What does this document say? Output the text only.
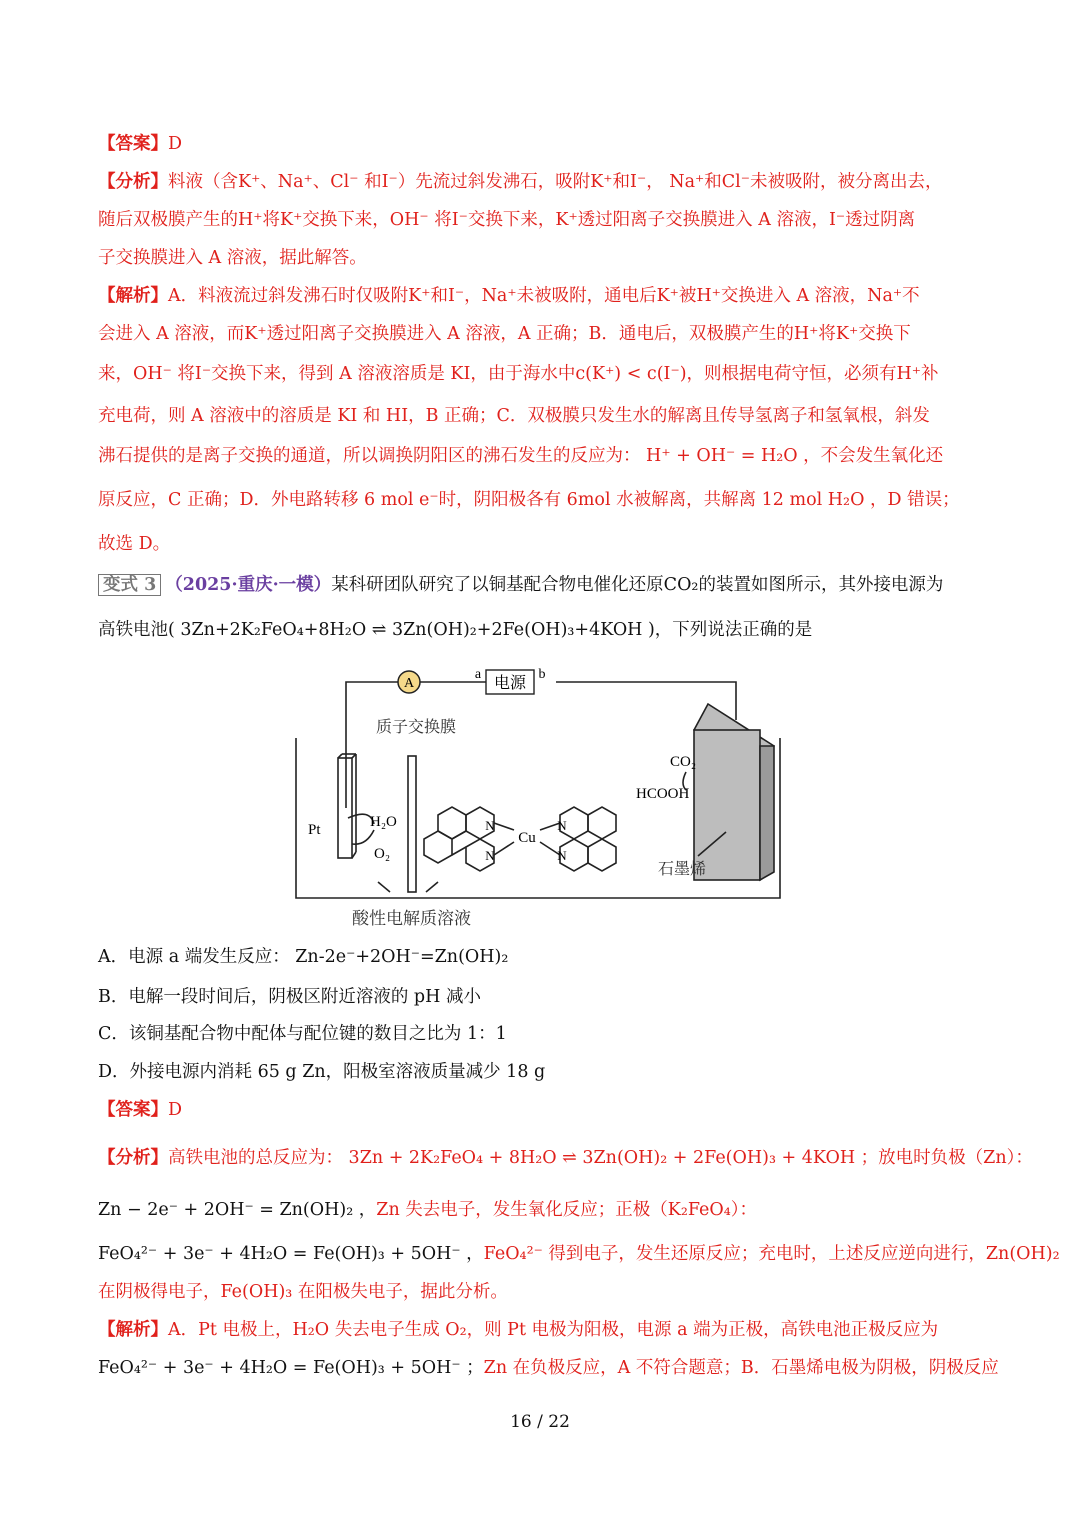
【答案】D
【分析】料液（含K⁺、Na⁺、Cl⁻ 和I⁻）先流过斜发沸石，吸附K⁺和I⁻， Na⁺和Cl⁻未被吸附，被分离出去，
随后双极膜产生的H⁺将K⁺交换下来，OH⁻ 将I⁻交换下来，K⁺透过阳离子交换膜进入 A 溶液，I⁻透过阴离
子交换膜进入 A 溶液，据此解答。
【解析】A．料液流过斜发沸石时仅吸附K⁺和I⁻，Na⁺未被吸附，通电后K⁺被H⁺交换进入 A 溶液，Na⁺不
会进入 A 溶液，而K⁺透过阳离子交换膜进入 A 溶液，A 正确；B．通电后，双极膜产生的H⁺将K⁺交换下
来，OH⁻ 将I⁻交换下来，得到 A 溶液溶质是 KI，由于海水中c(K⁺) < c(I⁻)，则根据电荷守恒，必须有H⁺补
充电荷，则 A 溶液中的溶质是 KI 和 HI，B 正确；C．双极膜只发生水的解离且传导氢离子和氢氧根，斜发
沸石提供的是离子交换的通道，所以调换阴阳区的沸石发生的反应为： H⁺ + OH⁻ = H₂O ，不会发生氧化还
原反应，C 正确；D．外电路转移 6 mol e⁻时，阴阳极各有 6mol 水被解离，共解离 12 mol H₂O ，D 错误；
故选 D。
变式 3 （2025·重庆·一模）某科研团队研究了以铜基配合物电催化还原CO₂的装置如图所示，其外接电源为
高铁电池( 3Zn+2K₂FeO₄+8H₂O ⇌ 3Zn(OH)₂+2Fe(OH)₃+4KOH )，下列说法正确的是
A	电源
a	b
质子交换膜
Pt	H₂O
O₂
CO₂
HCOOH
石墨烯
Cu
N
N
N
N
酸性电解质溶液
A．电源 a 端发生反应： Zn-2e⁻+2OH⁻=Zn(OH)₂
B．电解一段时间后，阴极区附近溶液的 pH 减小
C．该铜基配合物中配体与配位键的数目之比为 1：1
D．外接电源内消耗 65 g Zn，阳极室溶液质量减少 18 g
【答案】D
【分析】高铁电池的总反应为： 3Zn + 2K₂FeO₄ + 8H₂O ⇌ 3Zn(OH)₂ + 2Fe(OH)₃ + 4KOH ；放电时负极（Zn）：
Zn − 2e⁻ + 2OH⁻ = Zn(OH)₂ ，Zn 失去电子，发生氧化反应；正极（K₂FeO₄）：
FeO₄²⁻ + 3e⁻ + 4H₂O = Fe(OH)₃ + 5OH⁻ ，FeO₄²⁻ 得到电子，发生还原反应；充电时，上述反应逆向进行，Zn(OH)₂
在阴极得电子，Fe(OH)₃ 在阳极失电子，据此分析。
【解析】A．Pt 电极上，H₂O 失去电子生成 O₂，则 Pt 电极为阳极，电源 a 端为正极，高铁电池正极反应为
FeO₄²⁻ + 3e⁻ + 4H₂O = Fe(OH)₃ + 5OH⁻ ；Zn 在负极反应，A 不符合题意；B．石墨烯电极为阴极，阴极反应
16 / 22
